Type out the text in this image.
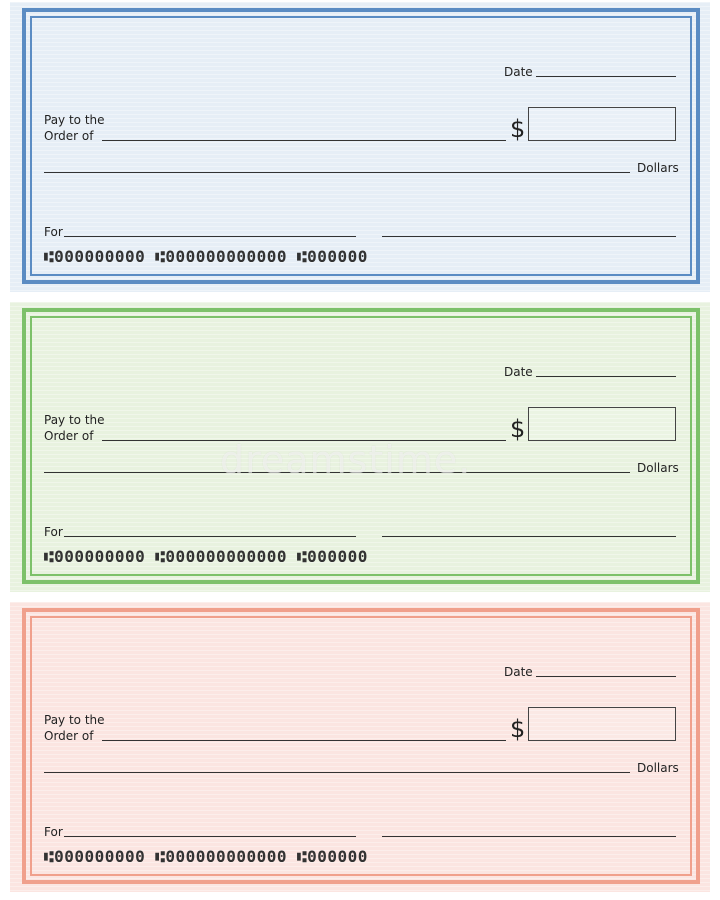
Date
Pay to the
Order of	$
Dollars
For
⑆000000000 ⑆000000000000 ⑆000000
Date
Pay to the
Order of	$
Dollars
For
⑆000000000 ⑆000000000000 ⑆000000
Date
Pay to the
Order of	$
Dollars
For
⑆000000000 ⑆000000000000 ⑆000000
dreamstime.
